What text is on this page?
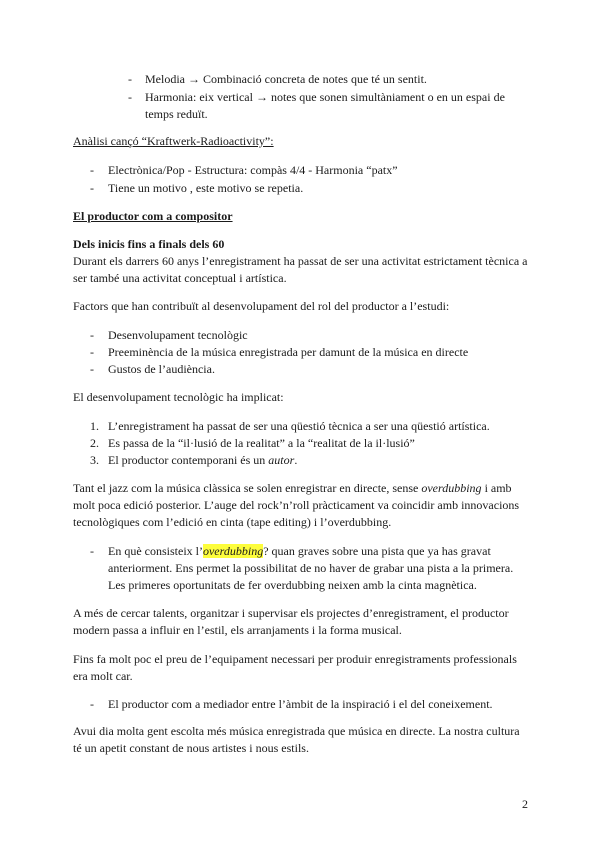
-	Melodia → Combinació concreta de notes que té un sentit.
-	Harmonia: eix vertical → notes que sonen simultàniament o en un espai de temps reduït.

Anàlisi cançó “Kraftwerk-Radioactivity”:

-	Electrònica/Pop - Estructura: compàs 4/4 - Harmonia “patx”
-	Tiene un motivo , este motivo se repetia.

El productor com a compositor

Dels inicis fins a finals dels 60

Durant els darrers 60 anys l’enregistrament ha passat de ser una activitat estrictament tècnica a ser també una activitat conceptual i artística.

Factors que han contribuït al desenvolupament del rol del productor a l’estudi:

-	Desenvolupament tecnològic
-	Preeminència de la música enregistrada per damunt de la música en directe
-	Gustos de l’audiència.

El desenvolupament tecnològic ha implicat:

1. L’enregistrament ha passat de ser una qüestió tècnica a ser una qüestió artística.
2. Es passa de la “il·lusió de la realitat” a la “realitat de la il·lusió”
3. El productor contemporani és un autor.

Tant el jazz com la música clàssica se solen enregistrar en directe, sense overdubbing i amb molt poca edició posterior. L’auge del rock’n’roll pràcticament va coincidir amb innovacions tecnològiques com l’edició en cinta (tape editing) i l’overdubbing.

-	En què consisteix l’overdubbing? quan graves sobre una pista que ya has gravat anteriorment. Ens permet la possibilitat de no haver de grabar una pista a la primera. Les primeres oportunitats de fer overdubbing neixen amb la cinta magnètica.

A més de cercar talents, organitzar i supervisar els projectes d’enregistrament, el productor modern passa a influir en l’estil, els arranjaments i la forma musical.

Fins fa molt poc el preu de l’equipament necessari per produir enregistraments professionals era molt car.

-	El productor com a mediador entre l’àmbit de la inspiració i el del coneixement.

Avui dia molta gent escolta més música enregistrada que música en directe. La nostra cultura té un apetit constant de nous artistes i nous estils.

2
